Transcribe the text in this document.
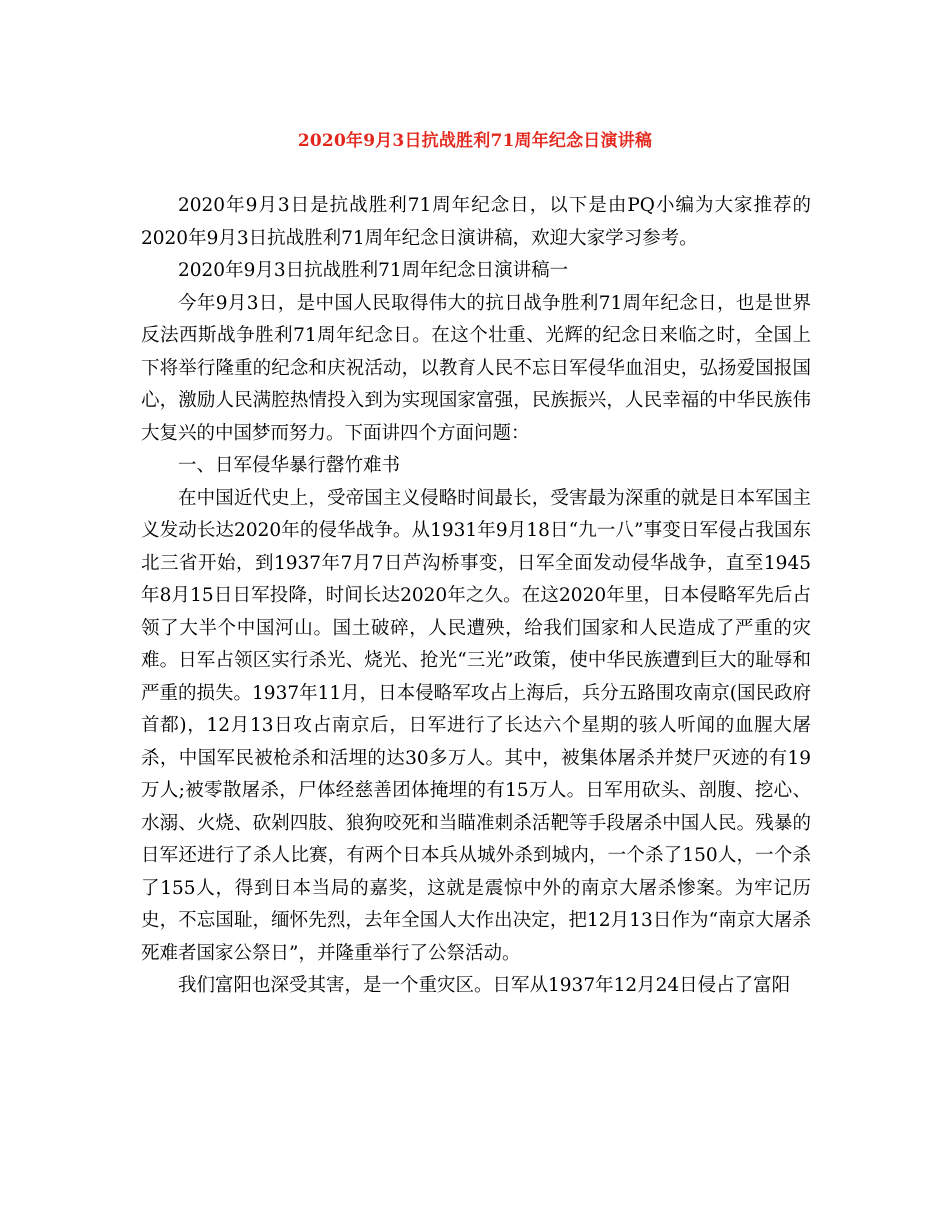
2020年9月3日抗战胜利71周年纪念日演讲稿

2020年9月3日是抗战胜利71周年纪念日，以下是由PQ小编为大家推荐的2020年9月3日抗战胜利71周年纪念日演讲稿，欢迎大家学习参考。

2020年9月3日抗战胜利71周年纪念日演讲稿一

今年9月3日，是中国人民取得伟大的抗日战争胜利71周年纪念日，也是世界反法西斯战争胜利71周年纪念日。在这个壮重、光辉的纪念日来临之时，全国上下将举行隆重的纪念和庆祝活动，以教育人民不忘日军侵华血泪史，弘扬爱国报国心，激励人民满腔热情投入到为实现国家富强，民族振兴，人民幸福的中华民族伟大复兴的中国梦而努力。下面讲四个方面问题：

一、日军侵华暴行罄竹难书

在中国近代史上，受帝国主义侵略时间最长，受害最为深重的就是日本军国主义发动长达2020年的侵华战争。从1931年9月18日“九一八”事变日军侵占我国东北三省开始，到1937年7月7日芦沟桥事变，日军全面发动侵华战争，直至1945年8月15日日军投降，时间长达2020年之久。在这2020年里，日本侵略军先后占领了大半个中国河山。国土破碎，人民遭殃，给我们国家和人民造成了严重的灾难。日军占领区实行杀光、烧光、抢光“三光”政策，使中华民族遭到巨大的耻辱和严重的损失。1937年11月，日本侵略军攻占上海后，兵分五路围攻南京(国民政府首都)，12月13日攻占南京后，日军进行了长达六个星期的骇人听闻的血腥大屠杀，中国军民被枪杀和活埋的达30多万人。其中，被集体屠杀并焚尸灭迹的有19万人;被零散屠杀，尸体经慈善团体掩埋的有15万人。日军用砍头、剖腹、挖心、水溺、火烧、砍剁四肢、狼狗咬死和当瞄准刺杀活靶等手段屠杀中国人民。残暴的日军还进行了杀人比赛，有两个日本兵从城外杀到城内，一个杀了150人，一个杀了155人，得到日本当局的嘉奖，这就是震惊中外的南京大屠杀惨案。为牢记历史，不忘国耻，缅怀先烈，去年全国人大作出决定，把12月13日作为“南京大屠杀死难者国家公祭日”，并隆重举行了公祭活动。

我们富阳也深受其害，是一个重灾区。日军从1937年12月24日侵占了富阳
